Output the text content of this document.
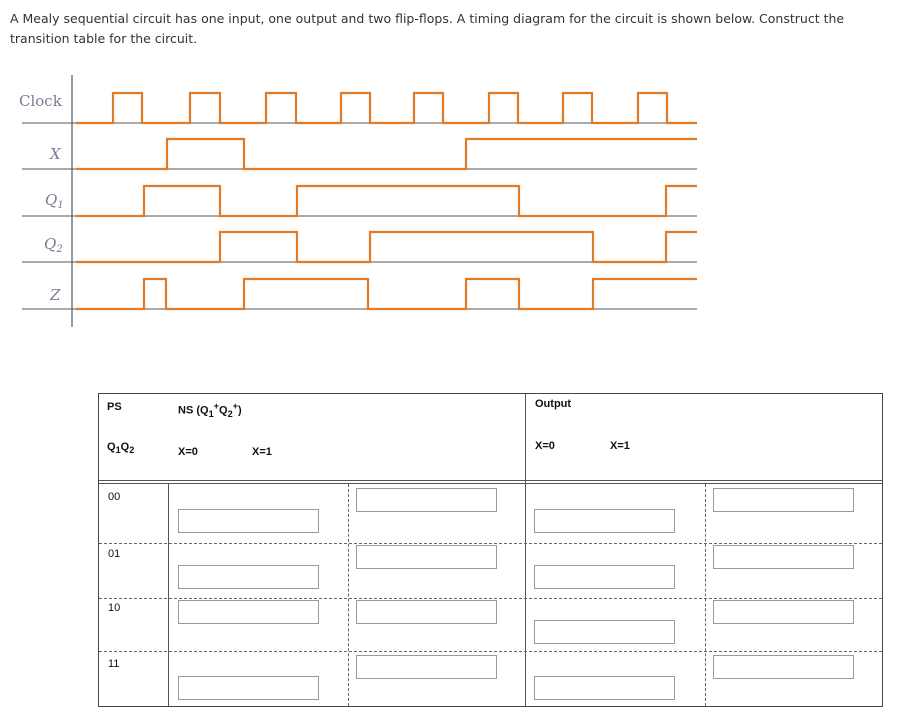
A Mealy sequential circuit has one input, one output and two flip-flops. A timing diagram for the circuit is shown below. Construct the transition table for the circuit.
Clock
X
$Q_1$
$Q_2$
Z
PS	NS $(Q_1^+Q_2^+)$
Output
$Q_1Q_2$	X=0	X=1	X=0	X=1
00
01
10
11
